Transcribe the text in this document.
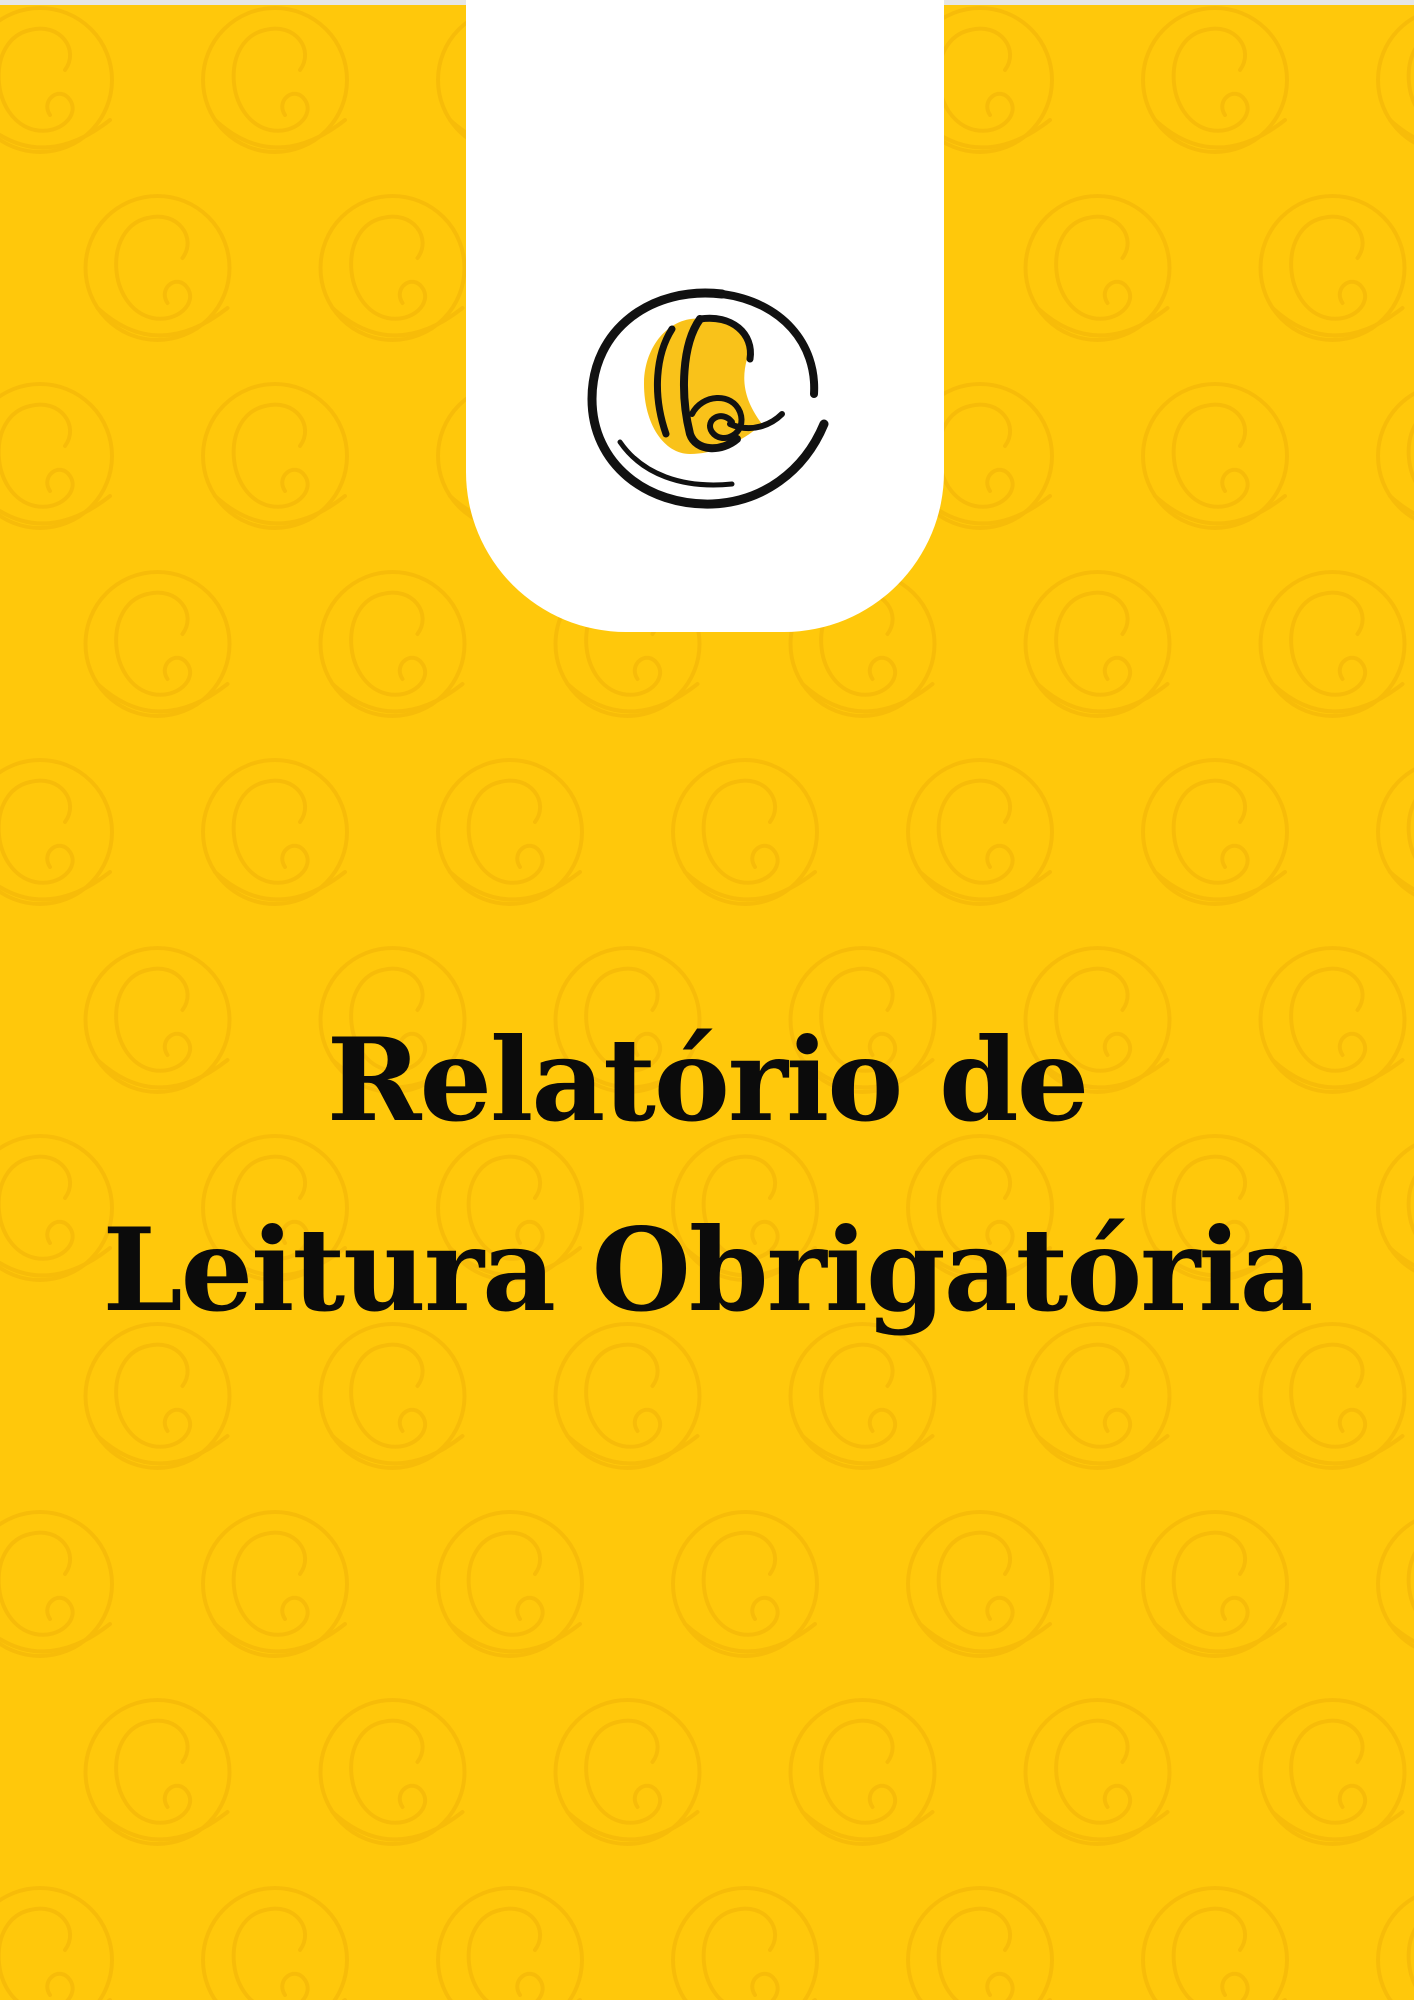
Relatório de
Leitura Obrigatória
